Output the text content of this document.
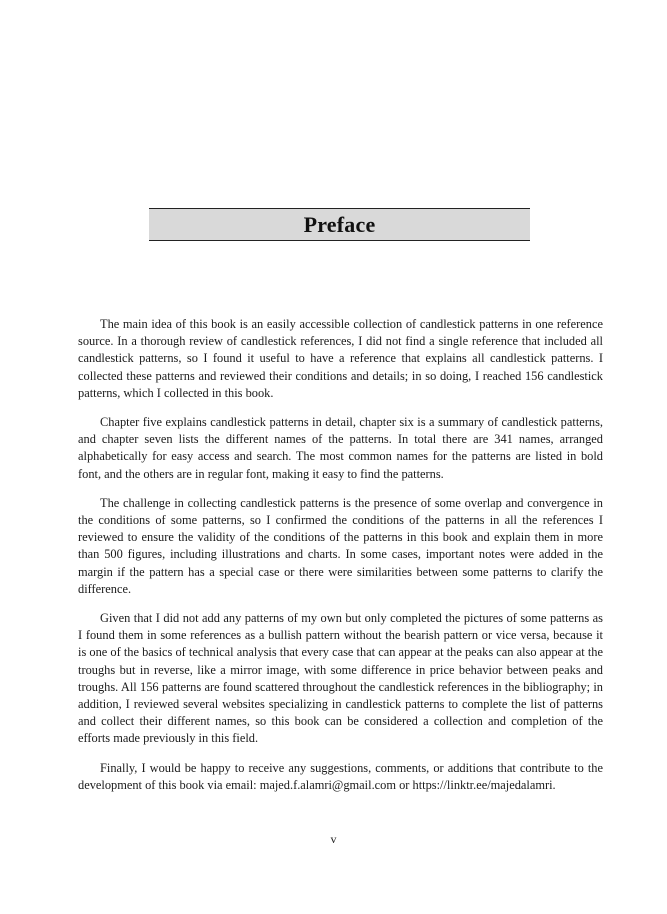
Preface

The main idea of this book is an easily accessible collection of candlestick patterns in one reference source. In a thorough review of candlestick references, I did not find a single reference that included all candlestick patterns, so I found it useful to have a reference that explains all candlestick patterns. I collected these patterns and reviewed their conditions and details; in so doing, I reached 156 candlestick patterns, which I collected in this book.

Chapter five explains candlestick patterns in detail, chapter six is a summary of candlestick patterns, and chapter seven lists the different names of the patterns. In total there are 341 names, arranged alphabetically for easy access and search. The most common names for the patterns are listed in bold font, and the others are in regular font, making it easy to find the patterns.

The challenge in collecting candlestick patterns is the presence of some overlap and convergence in the conditions of some patterns, so I confirmed the conditions of the patterns in all the references I reviewed to ensure the validity of the conditions of the patterns in this book and explain them in more than 500 figures, including illustrations and charts. In some cases, important notes were added in the margin if the pattern has a special case or there were similarities between some patterns to clarify the difference.

Given that I did not add any patterns of my own but only completed the pictures of some patterns as I found them in some references as a bullish pattern without the bearish pattern or vice versa, because it is one of the basics of technical analysis that every case that can appear at the peaks can also appear at the troughs but in reverse, like a mirror image, with some difference in price behavior between peaks and troughs. All 156 patterns are found scattered throughout the candlestick references in the bibliography; in addition, I reviewed several websites specializing in candlestick patterns to complete the list of patterns and collect their different names, so this book can be considered a collection and completion of the efforts made previously in this field.

Finally, I would be happy to receive any suggestions, comments, or additions that contribute to the development of this book via email: majed.f.alamri@gmail.com or https://linktr.ee/majedalamri.

v
